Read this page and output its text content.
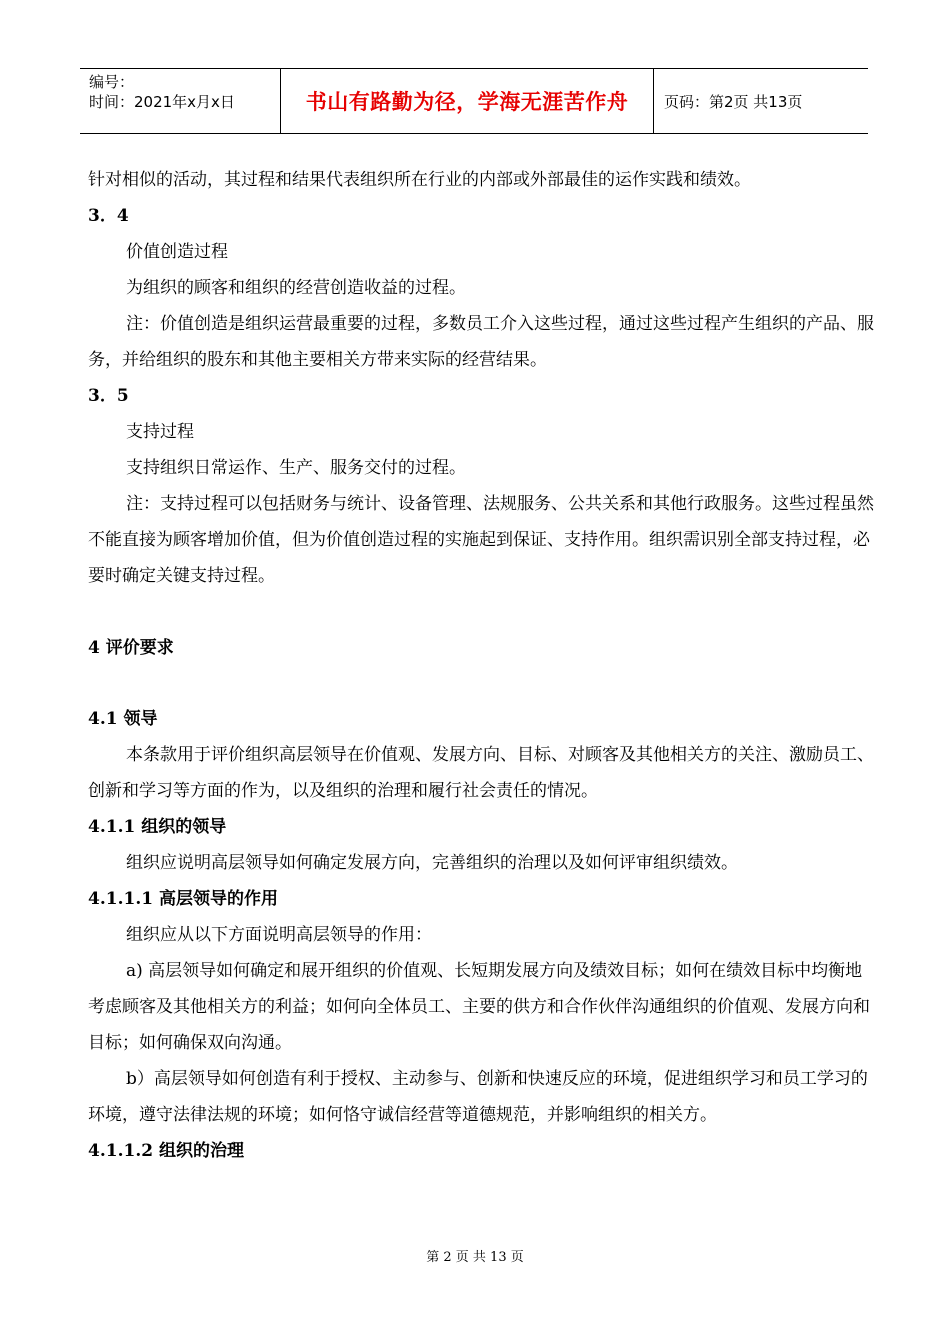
编号：
时间：2021年x月x日	书山有路勤为径，学海无涯苦作舟	页码：第2页 共13页

针对相似的活动，其过程和结果代表组织所在行业的内部或外部最佳的运作实践和绩效。

3．4

价值创造过程

为组织的顾客和组织的经营创造收益的过程。

注：价值创造是组织运营最重要的过程，多数员工介入这些过程，通过这些过程产生组织的产品、服务，并给组织的股东和其他主要相关方带来实际的经营结果。

3．5

支持过程

支持组织日常运作、生产、服务交付的过程。

注：支持过程可以包括财务与统计、设备管理、法规服务、公共关系和其他行政服务。这些过程虽然不能直接为顾客增加价值，但为价值创造过程的实施起到保证、支持作用。组织需识别全部支持过程，必要时确定关键支持过程。

4 评价要求

4.1 领导

本条款用于评价组织高层领导在价值观、发展方向、目标、对顾客及其他相关方的关注、激励员工、创新和学习等方面的作为，以及组织的治理和履行社会责任的情况。

4.1.1 组织的领导

组织应说明高层领导如何确定发展方向，完善组织的治理以及如何评审组织绩效。

4.1.1.1 高层领导的作用

组织应从以下方面说明高层领导的作用：

a) 高层领导如何确定和展开组织的价值观、长短期发展方向及绩效目标；如何在绩效目标中均衡地考虑顾客及其他相关方的利益；如何向全体员工、主要的供方和合作伙伴沟通组织的价值观、发展方向和目标；如何确保双向沟通。

b）高层领导如何创造有利于授权、主动参与、创新和快速反应的环境，促进组织学习和员工学习的环境，遵守法律法规的环境；如何恪守诚信经营等道德规范，并影响组织的相关方。

4.1.1.2 组织的治理

第 2 页 共 13 页
